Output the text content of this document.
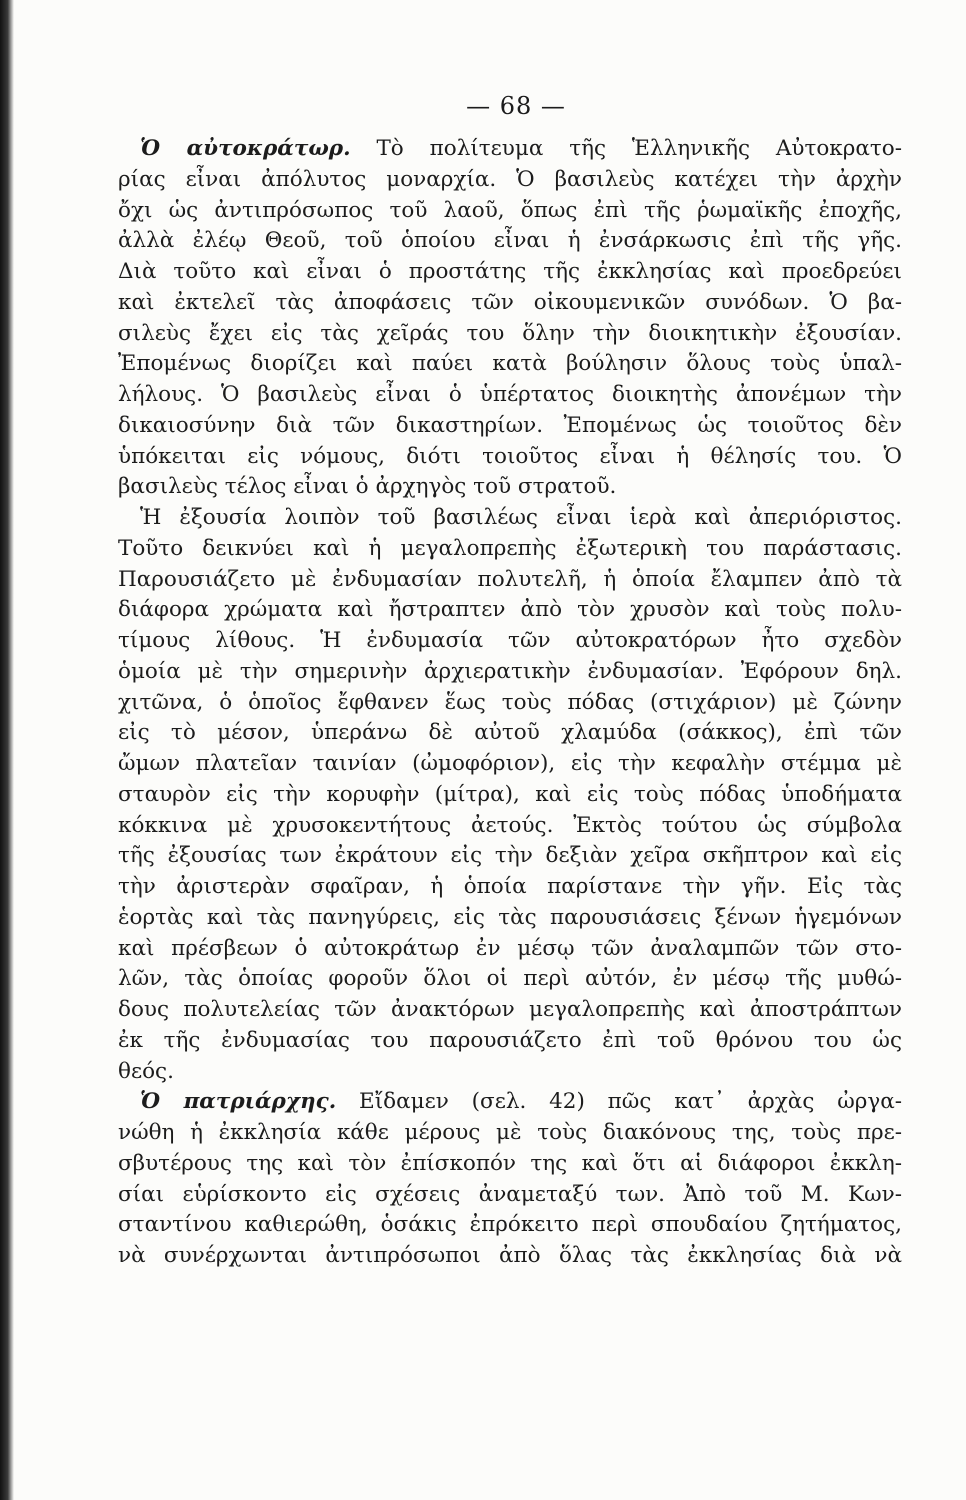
— 68 —
Ὁ αὐτοκράτωρ. Τὸ πολίτευμα τῆς Ἑλληνικῆς Αὐτοκρατο-
ρίας εἶναι ἀπόλυτος μοναρχία. Ὁ βασιλεὺς κατέχει τὴν ἀρχὴν
ὄχι ὡς ἀντιπρόσωπος τοῦ λαοῦ, ὅπως ἐπὶ τῆς ῥωμαϊκῆς ἐποχῆς,
ἀλλὰ ἐλέῳ Θεοῦ, τοῦ ὁποίου εἶναι ἡ ἐνσάρκωσις ἐπὶ τῆς γῆς.
Διὰ τοῦτο καὶ εἶναι ὁ προστάτης τῆς ἐκκλησίας καὶ προεδρεύει
καὶ ἐκτελεῖ τὰς ἀποφάσεις τῶν οἰκουμενικῶν συνόδων. Ὁ βα-
σιλεὺς ἔχει εἰς τὰς χεῖράς του ὅλην τὴν διοικητικὴν ἐξουσίαν.
Ἐπομένως διορίζει καὶ παύει κατὰ βούλησιν ὅλους τοὺς ὑπαλ-
λήλους. Ὁ βασιλεὺς εἶναι ὁ ὑπέρτατος διοικητὴς ἀπονέμων τὴν
δικαιοσύνην διὰ τῶν δικαστηρίων. Ἐπομένως ὡς τοιοῦτος δὲν
ὑπόκειται εἰς νόμους, διότι τοιοῦτος εἶναι ἡ θέλησίς του. Ὁ
βασιλεὺς τέλος εἶναι ὁ ἀρχηγὸς τοῦ στρατοῦ.
Ἡ ἐξουσία λοιπὸν τοῦ βασιλέως εἶναι ἱερὰ καὶ ἀπεριόριστος.
Τοῦτο δεικνύει καὶ ἡ μεγαλοπρεπὴς ἐξωτερικὴ του παράστασις.
Παρουσιάζετο μὲ ἐνδυμασίαν πολυτελῆ, ἡ ὁποία ἔλαμπεν ἀπὸ τὰ
διάφορα χρώματα καὶ ἤστραπτεν ἀπὸ τὸν χρυσὸν καὶ τοὺς πολυ-
τίμους λίθους. Ἡ ἐνδυμασία τῶν αὐτοκρατόρων ἦτο σχεδὸν
ὁμοία μὲ τὴν σημερινὴν ἀρχιερατικὴν ἐνδυμασίαν. Ἐφόρουν δηλ.
χιτῶνα, ὁ ὁποῖος ἔφθανεν ἕως τοὺς πόδας (στιχάριον) μὲ ζώνην
εἰς τὸ μέσον, ὑπεράνω δὲ αὐτοῦ χλαμύδα (σάκκος), ἐπὶ τῶν
ὤμων πλατεῖαν ταινίαν (ὠμοφόριον), εἰς τὴν κεφαλὴν στέμμα μὲ
σταυρὸν εἰς τὴν κορυφὴν (μίτρα), καὶ εἰς τοὺς πόδας ὑποδήματα
κόκκινα μὲ χρυσοκεντήτους ἀετούς. Ἐκτὸς τούτου ὡς σύμβολα
τῆς ἐξουσίας των ἐκράτουν εἰς τὴν δεξιὰν χεῖρα σκῆπτρον καὶ εἰς
τὴν ἀριστερὰν σφαῖραν, ἡ ὁποία παρίστανε τὴν γῆν. Εἰς τὰς
ἑορτὰς καὶ τὰς πανηγύρεις, εἰς τὰς παρουσιάσεις ξένων ἡγεμόνων
καὶ πρέσβεων ὁ αὐτοκράτωρ ἐν μέσῳ τῶν ἀναλαμπῶν τῶν στο-
λῶν, τὰς ὁποίας φοροῦν ὅλοι οἱ περὶ αὐτόν, ἐν μέσῳ τῆς μυθώ-
δους πολυτελείας τῶν ἀνακτόρων μεγαλοπρεπὴς καὶ ἀποστράπτων
ἐκ τῆς ἐνδυμασίας του παρουσιάζετο ἐπὶ τοῦ θρόνου του ὡς
θεός.
Ὁ πατριάρχης. Εἴδαμεν (σελ. 42) πῶς κατ᾽ ἀρχὰς ὠργα-
νώθη ἡ ἐκκλησία κάθε μέρους μὲ τοὺς διακόνους της, τοὺς πρε-
σβυτέρους της καὶ τὸν ἐπίσκοπόν της καὶ ὅτι αἱ διάφοροι ἐκκλη-
σίαι εὑρίσκοντο εἰς σχέσεις ἀναμεταξύ των. Ἀπὸ τοῦ Μ. Κων-
σταντίνου καθιερώθη, ὁσάκις ἐπρόκειτο περὶ σπουδαίου ζητήματος,
νὰ συνέρχωνται ἀντιπρόσωποι ἀπὸ ὅλας τὰς ἐκκλησίας διὰ νὰ
